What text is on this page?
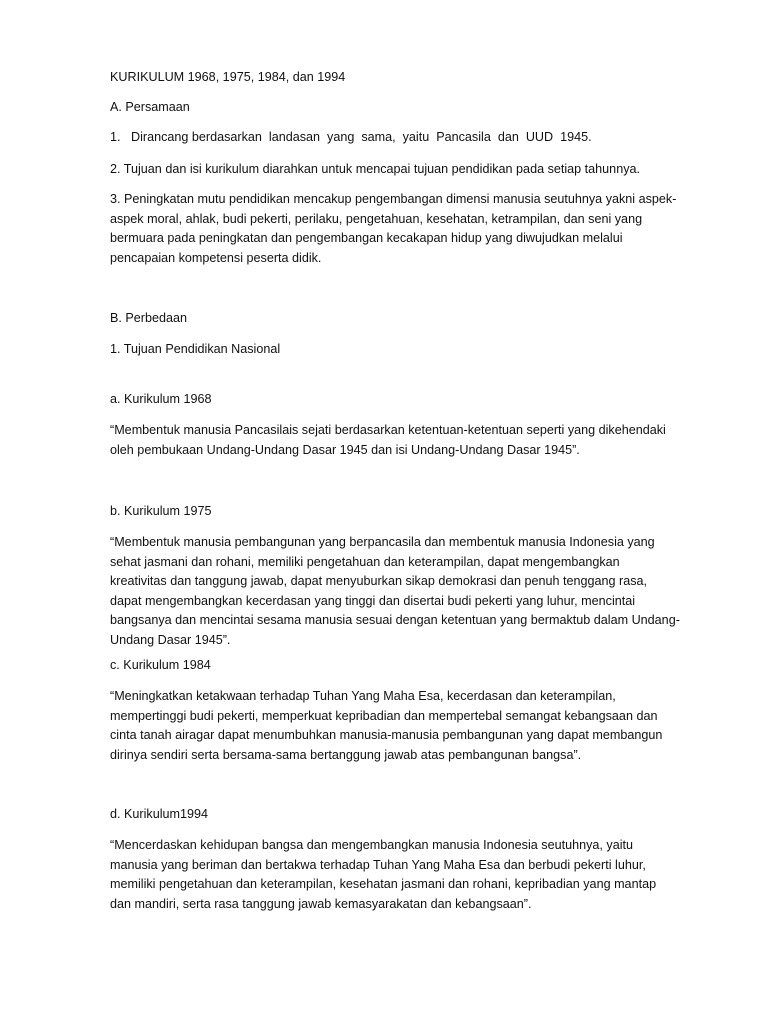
KURIKULUM 1968, 1975, 1984, dan 1994

A. Persamaan

1.   Dirancang berdasarkan  landasan  yang  sama,  yaitu  Pancasila  dan  UUD  1945.

2. Tujuan dan isi kurikulum diarahkan untuk mencapai tujuan pendidikan pada setiap tahunnya.

3. Peningkatan mutu pendidikan mencakup pengembangan dimensi manusia seutuhnya yakni aspek-
aspek moral, ahlak, budi pekerti, perilaku, pengetahuan, kesehatan, ketrampilan, dan seni yang
bermuara pada peningkatan dan pengembangan kecakapan hidup yang diwujudkan melalui
pencapaian kompetensi peserta didik.

B. Perbedaan

1. Tujuan Pendidikan Nasional

a. Kurikulum 1968

“Membentuk manusia Pancasilais sejati berdasarkan ketentuan-ketentuan seperti yang dikehendaki
oleh pembukaan Undang-Undang Dasar 1945 dan isi Undang-Undang Dasar 1945”.

b. Kurikulum 1975

“Membentuk manusia pembangunan yang berpancasila dan membentuk manusia Indonesia yang
sehat jasmani dan rohani, memiliki pengetahuan dan keterampilan, dapat mengembangkan
kreativitas dan tanggung jawab, dapat menyuburkan sikap demokrasi dan penuh tenggang rasa,
dapat mengembangkan kecerdasan yang tinggi dan disertai budi pekerti yang luhur, mencintai
bangsanya dan mencintai sesama manusia sesuai dengan ketentuan yang bermaktub dalam Undang-
Undang Dasar 1945”.

c. Kurikulum 1984

“Meningkatkan ketakwaan terhadap Tuhan Yang Maha Esa, kecerdasan dan keterampilan,
mempertinggi budi pekerti, memperkuat kepribadian dan mempertebal semangat kebangsaan dan
cinta tanah airagar dapat menumbuhkan manusia-manusia pembangunan yang dapat membangun
dirinya sendiri serta bersama-sama bertanggung jawab atas pembangunan bangsa”.

d. Kurikulum1994

“Mencerdaskan kehidupan bangsa dan mengembangkan manusia Indonesia seutuhnya, yaitu
manusia yang beriman dan bertakwa terhadap Tuhan Yang Maha Esa dan berbudi pekerti luhur,
memiliki pengetahuan dan keterampilan, kesehatan jasmani dan rohani, kepribadian yang mantap
dan mandiri, serta rasa tanggung jawab kemasyarakatan dan kebangsaan”.
